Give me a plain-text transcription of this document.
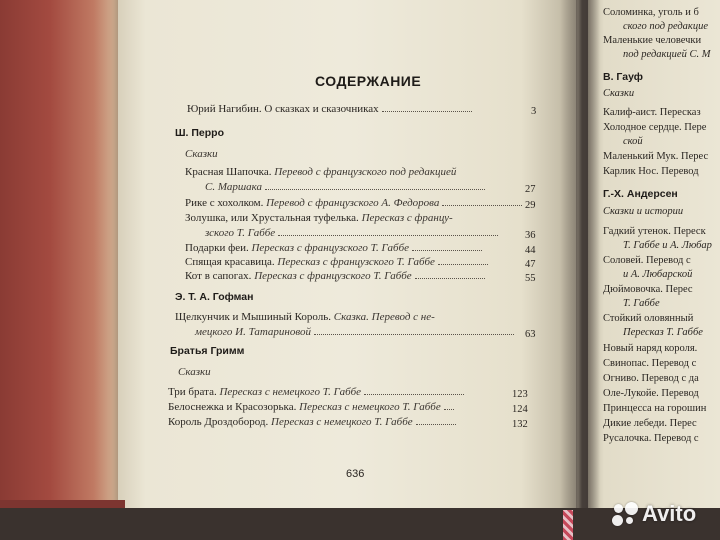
СОДЕРЖАНИЕ
Юрий Нагибин. О сказках и сказочниках	3
Ш. Перро
Сказки
Красная Шапочка. Перевод с французского под редакцией
С. Маршака	27
Рике с хохолком. Перевод с французского А. Федорова	29
Золушка, или Хрустальная туфелька. Пересказ с францу-
зского Т. Габбе	36
Подарки феи. Пересказ с французского Т. Габбе	44
Спящая красавица. Пересказ с французского Т. Габбе	47
Кот в сапогах. Пересказ с французского Т. Габбе	55
Э. Т. А. Гофман
Щелкунчик и Мышиный Король. Сказка. Перевод с не-
мецкого И. Татариновой	63
Братья Гримм
Сказки
Три брата. Пересказ с немецкого Т. Габбе	123
Белоснежка и Красозорька. Пересказ с немецкого Т. Габбе	124
Король Дроздобород. Пересказ с немецкого Т. Габбе	132
636
Соломинка, уголь и б
ского под редакцие
Маленькие человечки
под редакцией С. М
В. Гауф
Сказки
Калиф-аист. Пересказ
Холодное сердце. Пере
ской
Маленький Мук. Перес
Карлик Нос. Перевод
Г.-Х. Андерсен
Сказки и истории
Гадкий утенок. Переск
Т. Габбе и А. Любар
Соловей. Перевод с
и А. Любарской
Дюймовочка. Перес
Т. Габбе
Стойкий оловянный
Пересказ Т. Габбе
Новый наряд короля.
Свинопас. Перевод с
Огниво. Перевод с да
Оле-Лукойе. Перевод
Принцесса на горошин
Дикие лебеди. Перес
Русалочка. Перевод с
Avito
